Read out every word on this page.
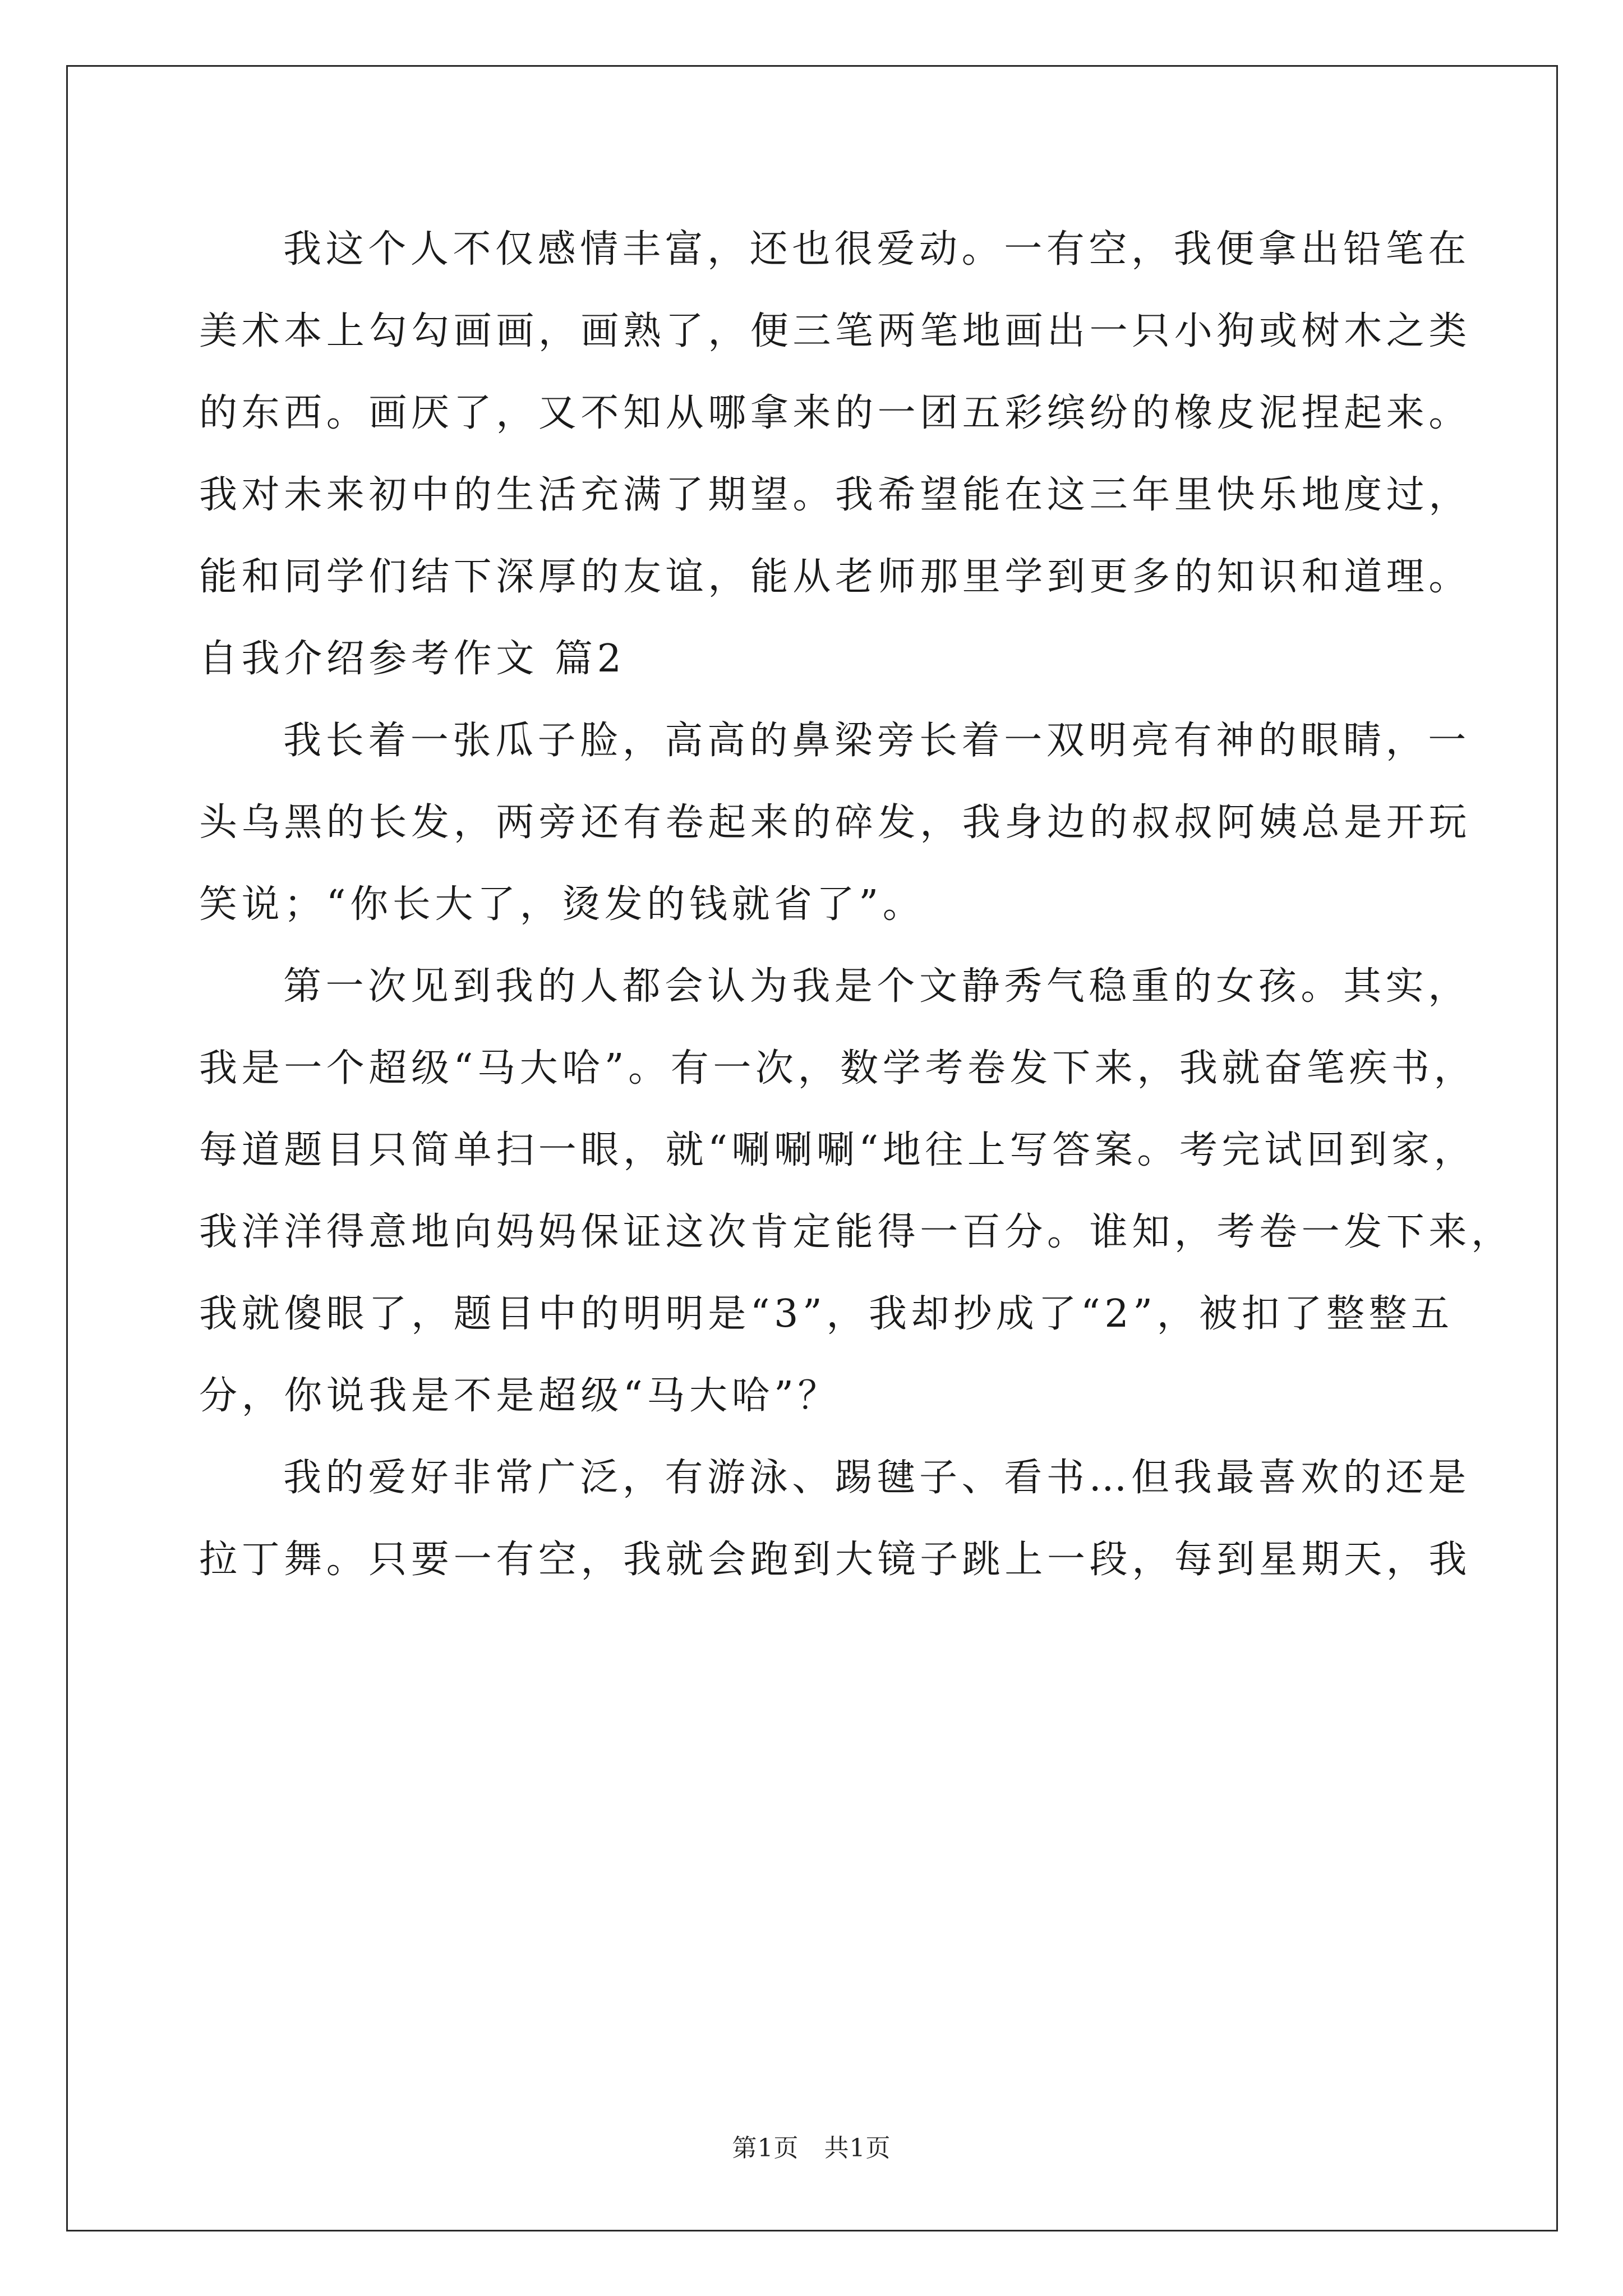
我这个人不仅感情丰富，还也很爱动。一有空，我便拿出铅笔在
美术本上勾勾画画，画熟了，便三笔两笔地画出一只小狗或树木之类
的东西。画厌了，又不知从哪拿来的一团五彩缤纷的橡皮泥捏起来。
我对未来初中的生活充满了期望。我希望能在这三年里快乐地度过，
能和同学们结下深厚的友谊，能从老师那里学到更多的知识和道理。
自我介绍参考作文 篇2
我长着一张瓜子脸，高高的鼻梁旁长着一双明亮有神的眼睛，一
头乌黑的长发，两旁还有卷起来的碎发，我身边的叔叔阿姨总是开玩
笑说；“你长大了，烫发的钱就省了”。
第一次见到我的人都会认为我是个文静秀气稳重的女孩。其实，
我是一个超级“马大哈”。有一次，数学考卷发下来，我就奋笔疾书，
每道题目只简单扫一眼，就“唰唰唰“地往上写答案。考完试回到家，
我洋洋得意地向妈妈保证这次肯定能得一百分。谁知，考卷一发下来，
我就傻眼了，题目中的明明是“3”，我却抄成了“2”，被扣了整整五
分，你说我是不是超级“马大哈”？
我的爱好非常广泛，有游泳、踢毽子、看书…但我最喜欢的还是
拉丁舞。只要一有空，我就会跑到大镜子跳上一段，每到星期天，我
第1页　共1页
